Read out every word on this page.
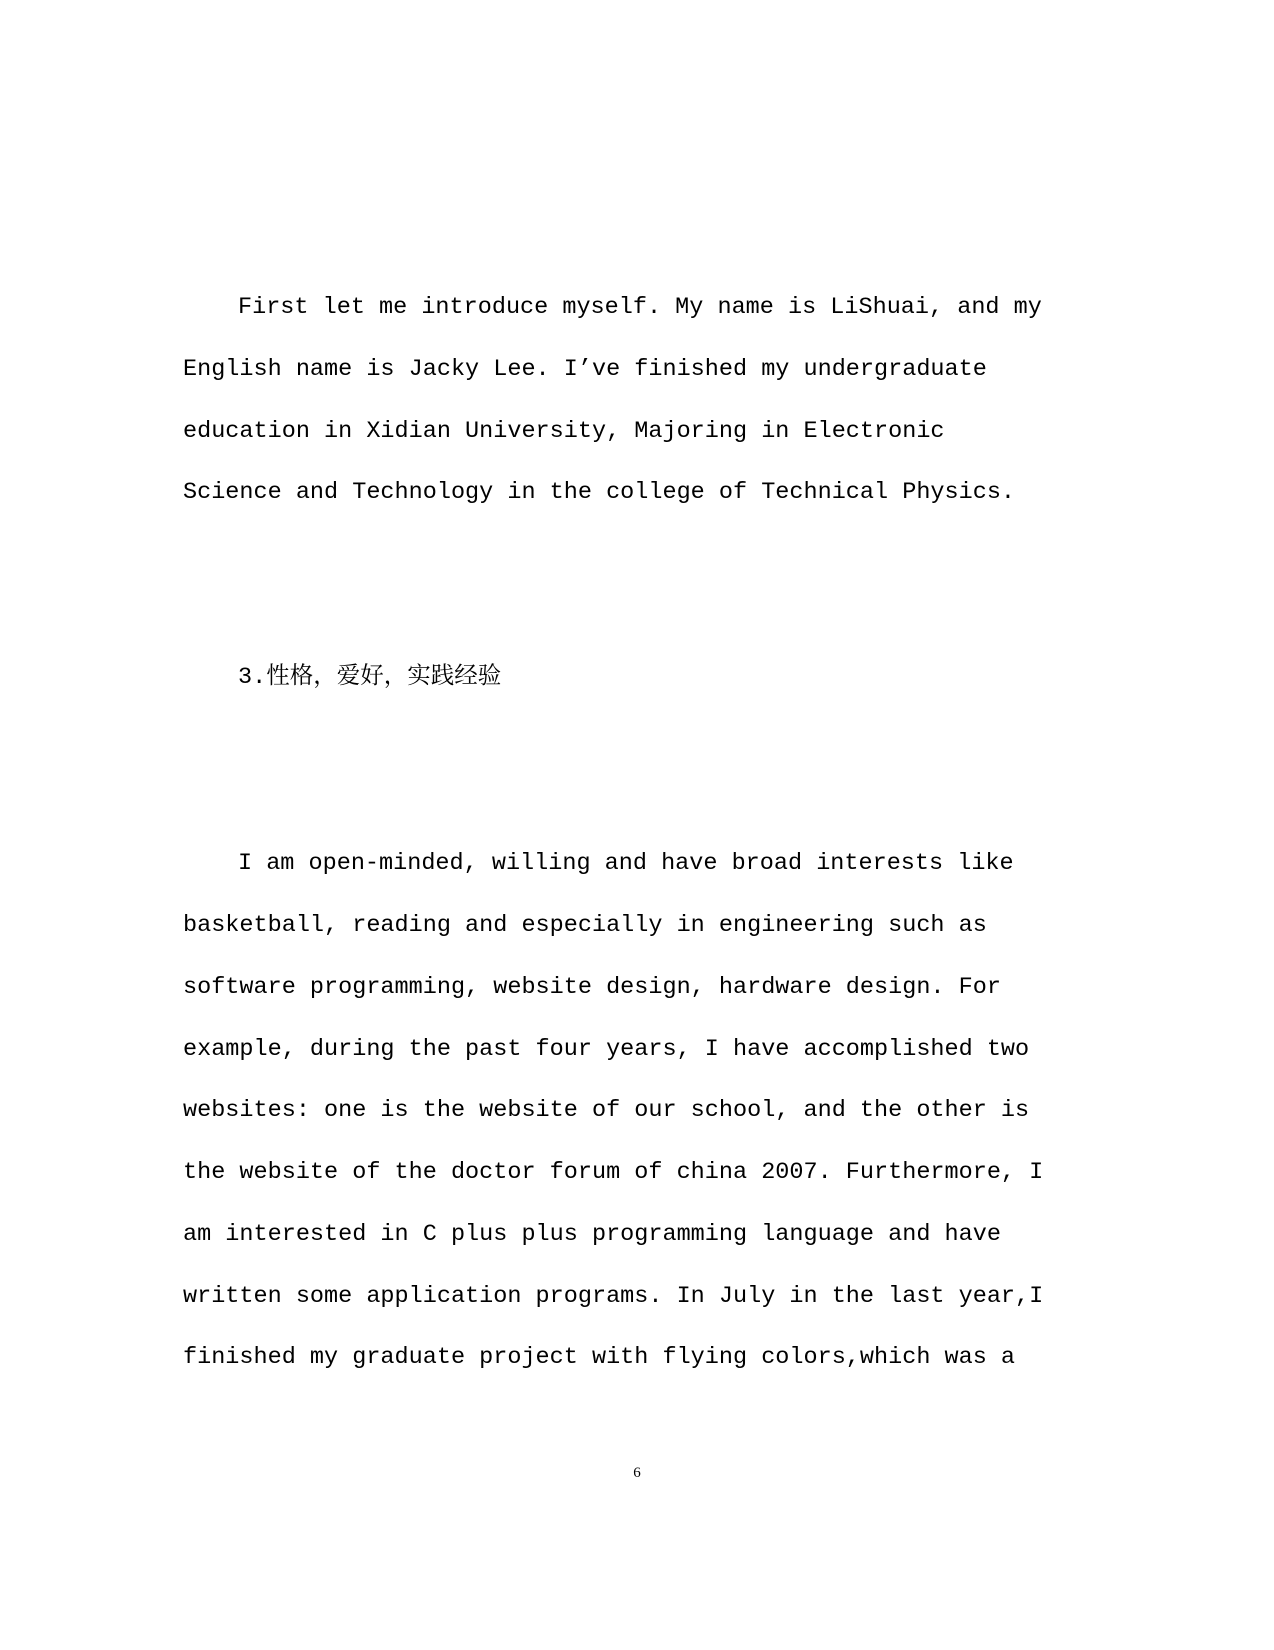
First let me introduce myself. My name is LiShuai, and my
English name is Jacky Lee. I’ve finished my undergraduate
education in Xidian University, Majoring in Electronic
Science and Technology in the college of Technical Physics.
3.性格，爱好，实践经验
I am open-minded, willing and have broad interests like
basketball, reading and especially in engineering such as
software programming, website design, hardware design. For
example, during the past four years, I have accomplished two
websites: one is the website of our school, and the other is
the website of the doctor forum of china 2007. Furthermore, I
am interested in C plus plus programming language and have
written some application programs. In July in the last year,I
finished my graduate project with flying colors,which was a
6
